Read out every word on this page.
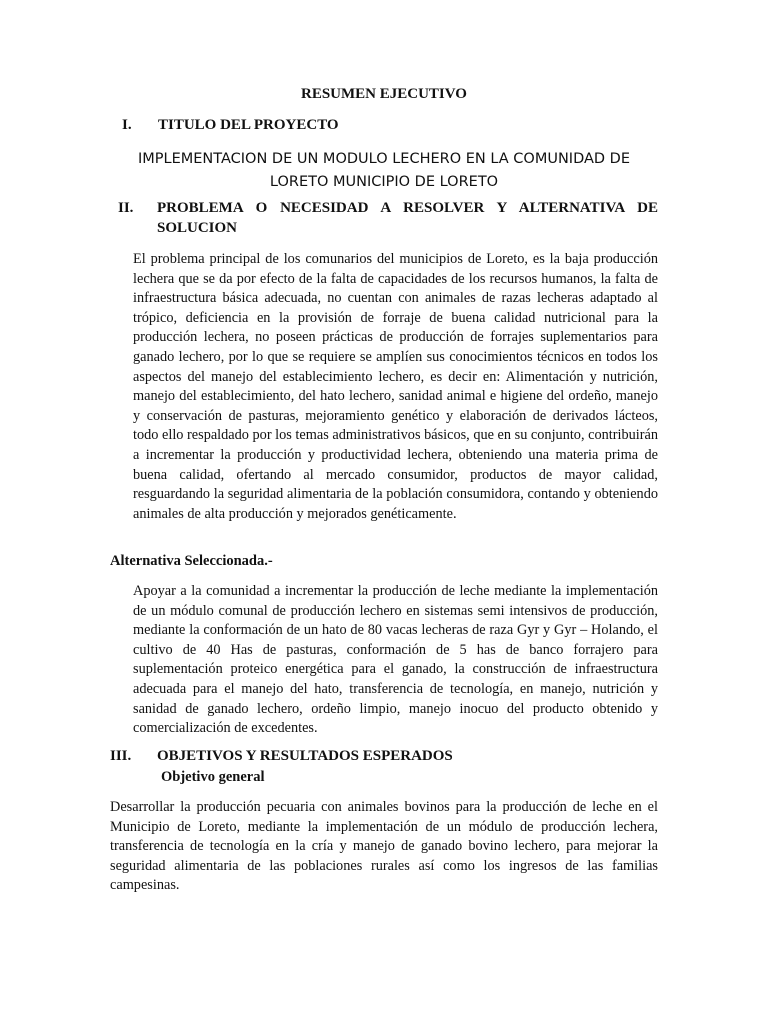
RESUMEN EJECUTIVO
I. TITULO DEL PROYECTO
IMPLEMENTACION DE UN MODULO LECHERO EN LA COMUNIDAD DE LORETO MUNICIPIO DE LORETO
II. PROBLEMA O NECESIDAD A RESOLVER Y ALTERNATIVA DE SOLUCION

El problema principal de los comunarios del municipios de Loreto, es la baja producción lechera que se da por efecto de la falta de capacidades de los recursos humanos, la falta de infraestructura básica adecuada, no cuentan con animales de razas lecheras adaptado al trópico, deficiencia en la provisión de forraje de buena calidad nutricional para la producción lechera, no poseen prácticas de producción de forrajes suplementarios para ganado lechero, por lo que se requiere se amplíen sus conocimientos técnicos en todos los aspectos del manejo del establecimiento lechero, es decir en: Alimentación y nutrición, manejo del establecimiento, del hato lechero, sanidad animal e higiene del ordeño, manejo y conservación de pasturas, mejoramiento genético y elaboración de derivados lácteos, todo ello respaldado por los temas administrativos básicos, que en su conjunto, contribuirán a incrementar la producción y productividad lechera, obteniendo una materia prima de buena calidad, ofertando al mercado consumidor, productos de mayor calidad, resguardando la seguridad alimentaria de la población consumidora, contando y obteniendo animales de alta producción y mejorados genéticamente.

Alternativa Seleccionada.-

Apoyar a la comunidad a incrementar la producción de leche mediante la implementación de un módulo comunal de producción lechero en sistemas semi intensivos de producción, mediante la conformación de un hato de 80 vacas lecheras de raza Gyr y Gyr – Holando, el cultivo de 40 Has de pasturas, conformación de 5 has de banco forrajero para suplementación proteico energética para el ganado, la construcción de infraestructura adecuada para el manejo del hato, transferencia de tecnología, en manejo, nutrición y sanidad de ganado lechero, ordeño limpio, manejo inocuo del producto obtenido y comercialización de excedentes.

III. OBJETIVOS Y RESULTADOS ESPERADOS
Objetivo general

Desarrollar la producción pecuaria con animales bovinos para la producción de leche en el Municipio de Loreto, mediante la implementación de un módulo de producción lechera, transferencia de tecnología en la cría y manejo de ganado bovino lechero, para mejorar la seguridad alimentaria de las poblaciones rurales así como los ingresos de las familias campesinas.
